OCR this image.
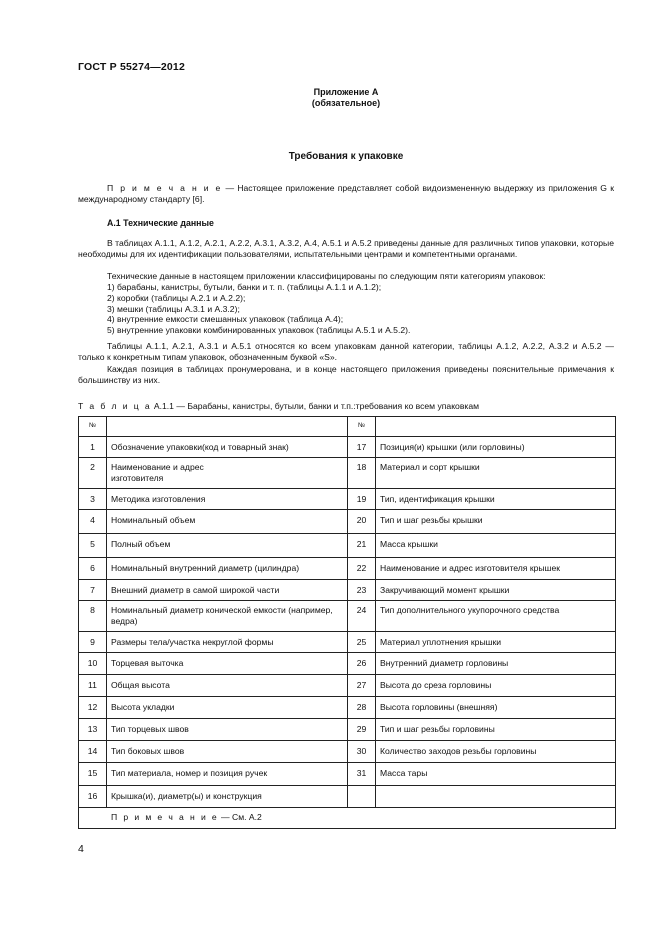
ГОСТ Р 55274—2012
Приложение А
(обязательное)
Требования к упаковке
П р и м е ч а н и е — Настоящее приложение представляет собой видоизмененную выдержку из приложения G к международному стандарту [6].
А.1 Технические данные
В таблицах А.1.1, А.1.2, А.2.1, А.2.2, А.3.1, А.3.2, А.4, А.5.1 и А.5.2 приведены данные для различных типов упаковки, которые необходимы для их идентификации пользователями, испытательными центрами и компетентными органами.
Технические данные в настоящем приложении классифицированы по следующим пяти категориям упаковок:
1) барабаны, канистры, бутыли, банки и т. п. (таблицы А.1.1 и А.1.2);
2) коробки (таблицы А.2.1 и А.2.2);
3) мешки (таблицы А.3.1 и А.3.2);
4) внутренние емкости смешанных упаковок (таблица А.4);
5) внутренние упаковки комбинированных упаковок (таблицы А.5.1 и А.5.2).
Таблицы А.1.1, А.2.1, А.3.1 и А.5.1 относятся ко всем упаковкам данной категории, таблицы А.1.2, А.2.2, А.3.2 и А.5.2 — только к конкретным типам упаковок, обозначенным буквой «S».
Каждая позиция в таблицах пронумерована, и в конце настоящего приложения приведены пояснительные примечания к большинству из них.
Т а б л и ц а А.1.1 — Барабаны, канистры, бутыли, банки и т.п.:требования ко всем упаковкам
№		№	
1	Обозначение упаковки(код и товарный знак)	17	Позиция(и) крышки (или горловины)
2	Наименование и адрес изготовителя	18	Материал и сорт крышки
3	Методика изготовления	19	Тип, идентификация крышки
4	Номинальный объем	20	Тип и шаг резьбы крышки
5	Полный объем	21	Масса крышки
6	Номинальный внутренний диаметр (цилиндра)	22	Наименование и адрес изготовителя крышек
7	Внешний диаметр в самой широкой части	23	Закручивающий момент крышки
8	Номинальный диаметр конической емкости (например, ведра)	24	Тип дополнительного укупорочного средства
9	Размеры тела/участка некруглой формы	25	Материал уплотнения крышки
10	Торцевая выточка	26	Внутренний диаметр горловины
11	Общая высота	27	Высота до среза горловины
12	Высота укладки	28	Высота горловины (внешняя)
13	Тип торцевых швов	29	Тип и шаг резьбы горловины
14	Тип боковых швов	30	Количество заходов резьбы горловины
15	Тип материала, номер и позиция ручек	31	Масса тары
16	Крышка(и), диаметр(ы) и конструкция		
П р и м е ч а н и е — См. А.2			
4
